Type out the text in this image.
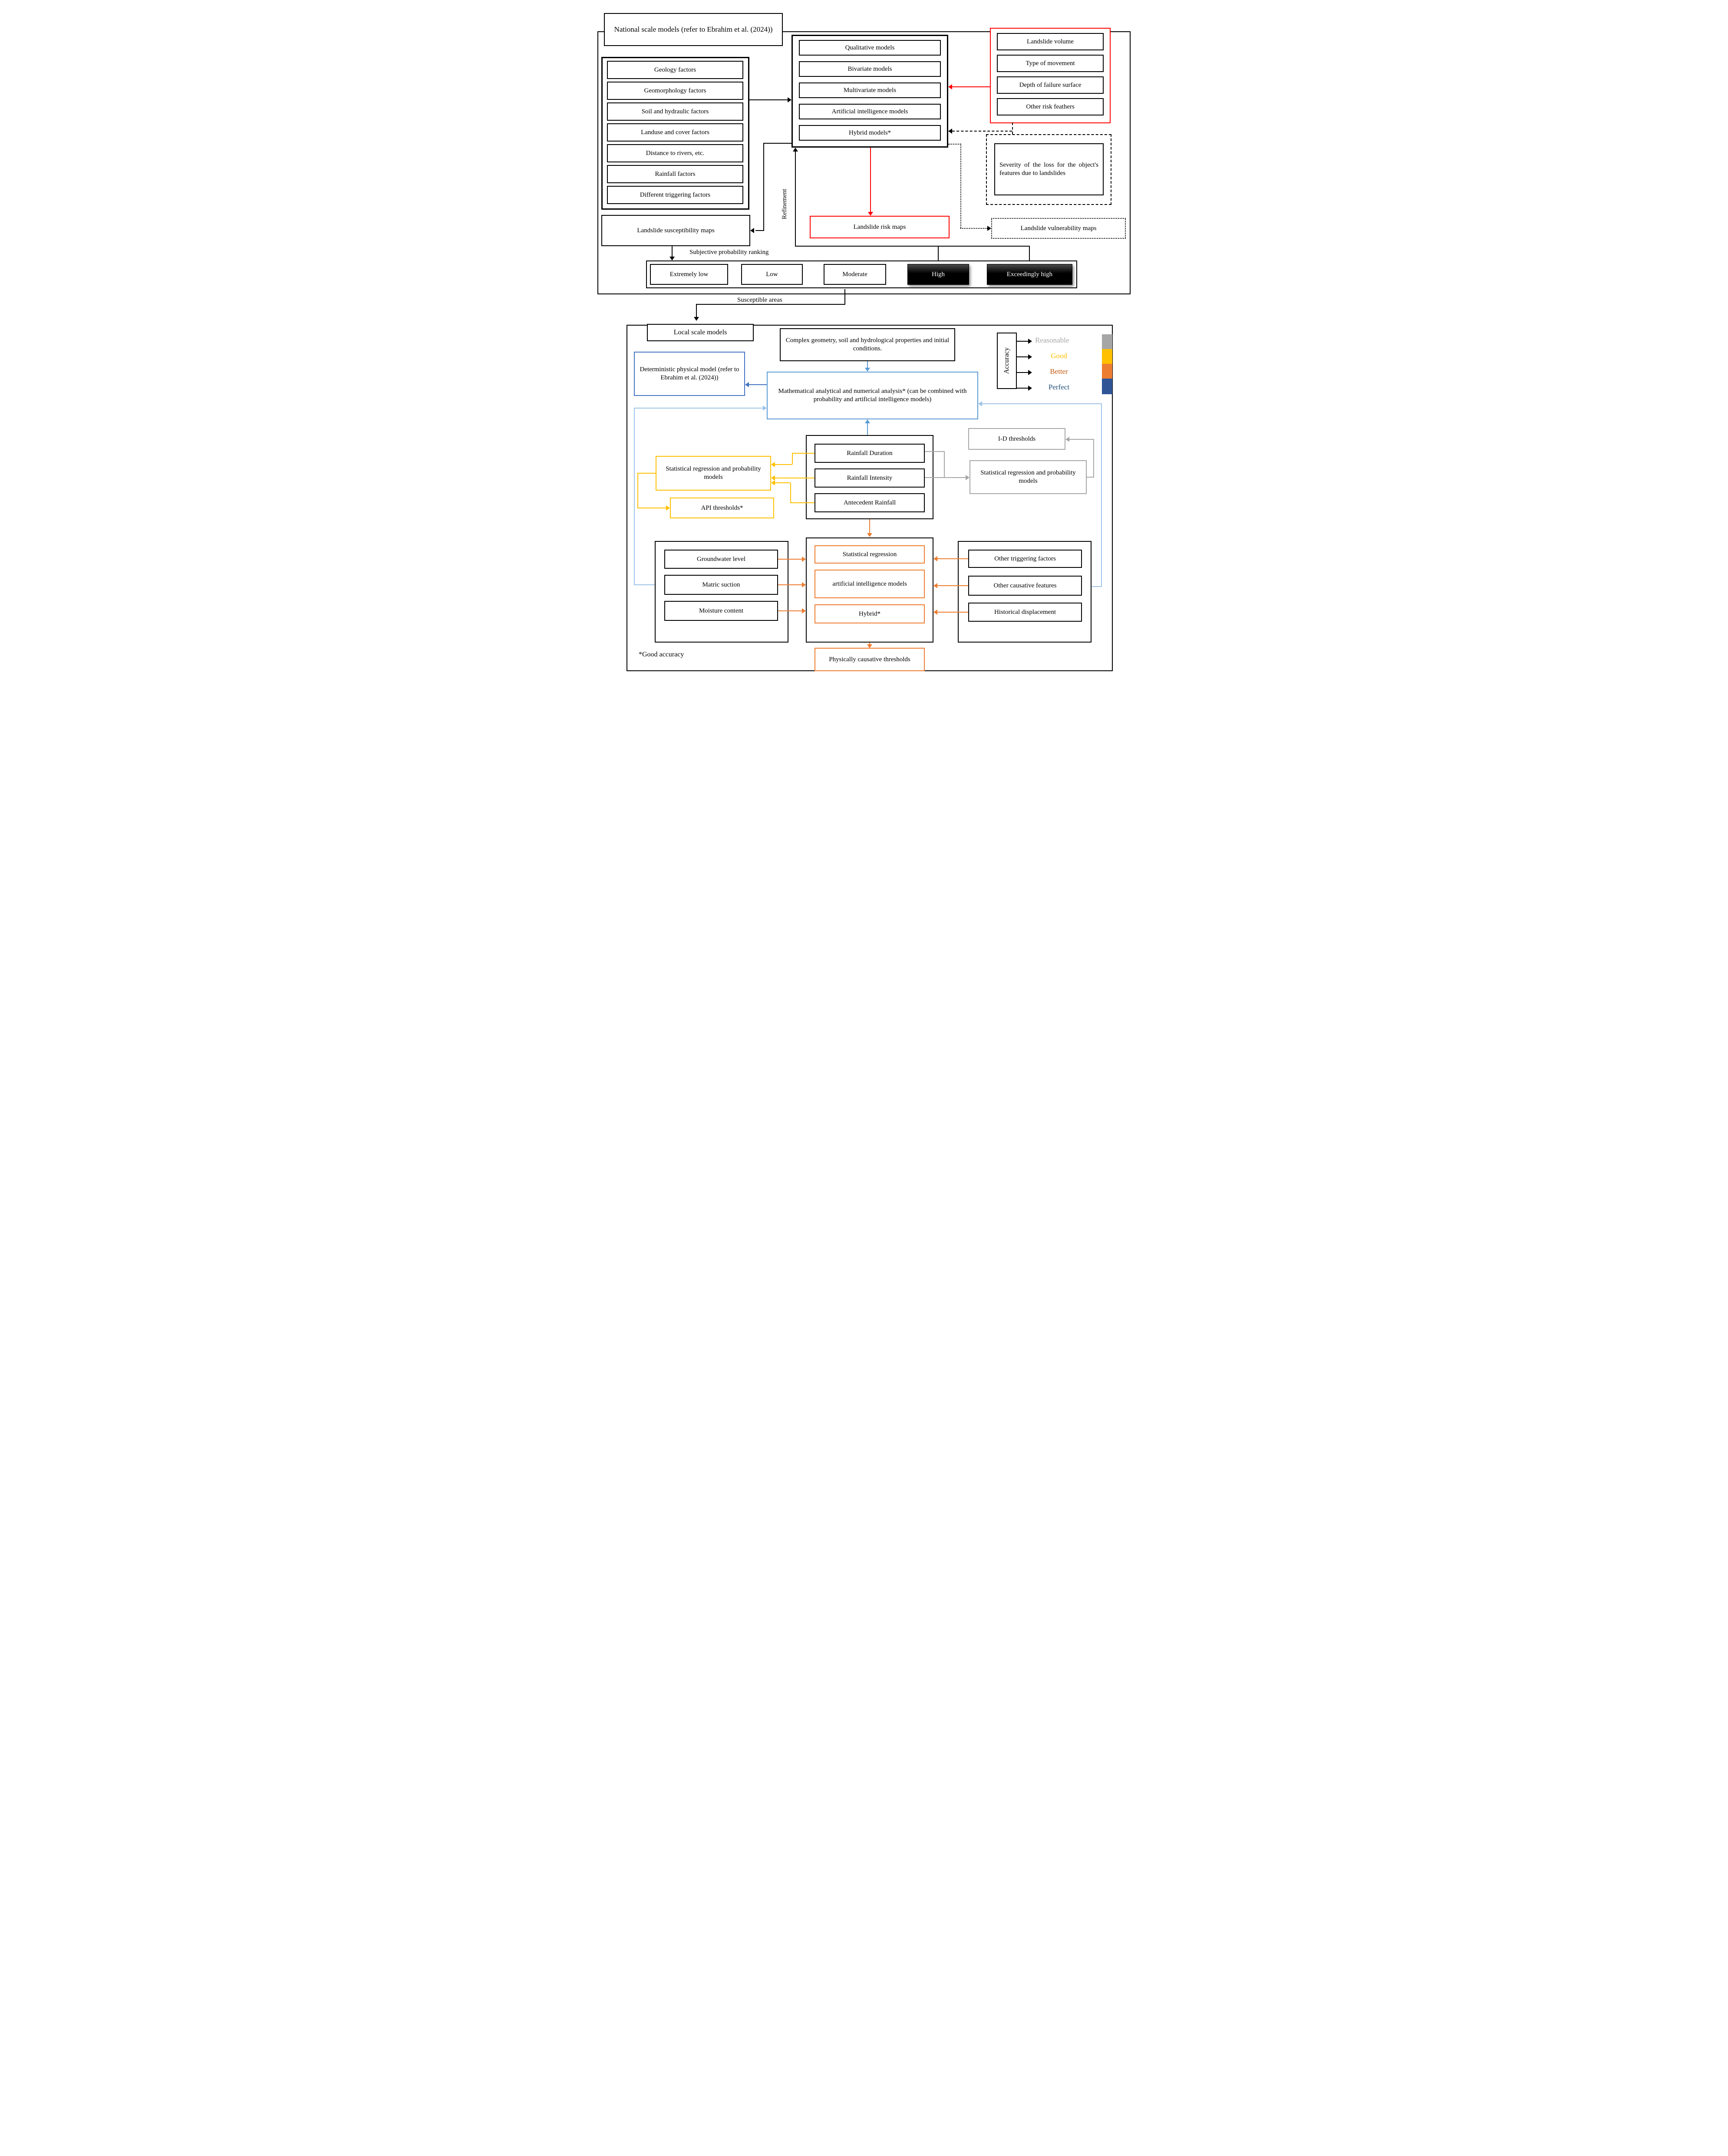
National scale models (refer to Ebrahim et al. (2024))
Geology factors
Geomorphology factors
Soil and hydraulic factors
Landuse and cover factors
Distance to rivers, etc.
Rainfall factors
Different triggering factors
Qualitative models
Bivariate models
Multivariate models
Artificial intelligence models
Hybrid models*
Landslide volume
Type of movement
Depth of failure surface
Other risk feathers
Severity of the loss for the object's features due to landslides
Landslide susceptibility maps	Landslide risk maps	Landslide vulnerability maps
Subjective probability ranking
Extremely low	Low	Moderate	High	Exceedingly high
Refinement
Susceptible areas
Local scale models
Complex geometry, soil and hydrological properties and initial conditions.	Accuracy
Reasonable
Good
Better
Perfect
Deterministic physical model (refer to Ebrahim et al. (2024))
Mathematical analytical and numerical analysis* (can be combined with probability and artificial intelligence models)
Rainfall Duration
Rainfall Intensity
Antecedent Rainfall
Statistical regression and probability models
API thresholds*
I-D thresholds
Statistical regression and probability models
Groundwater level
Matric suction
Moisture content
Statistical regression
artificial intelligence models
Hybrid*
Other triggering factors
Other causative features
Historical displacement
Physically causative thresholds
*Good accuracy
